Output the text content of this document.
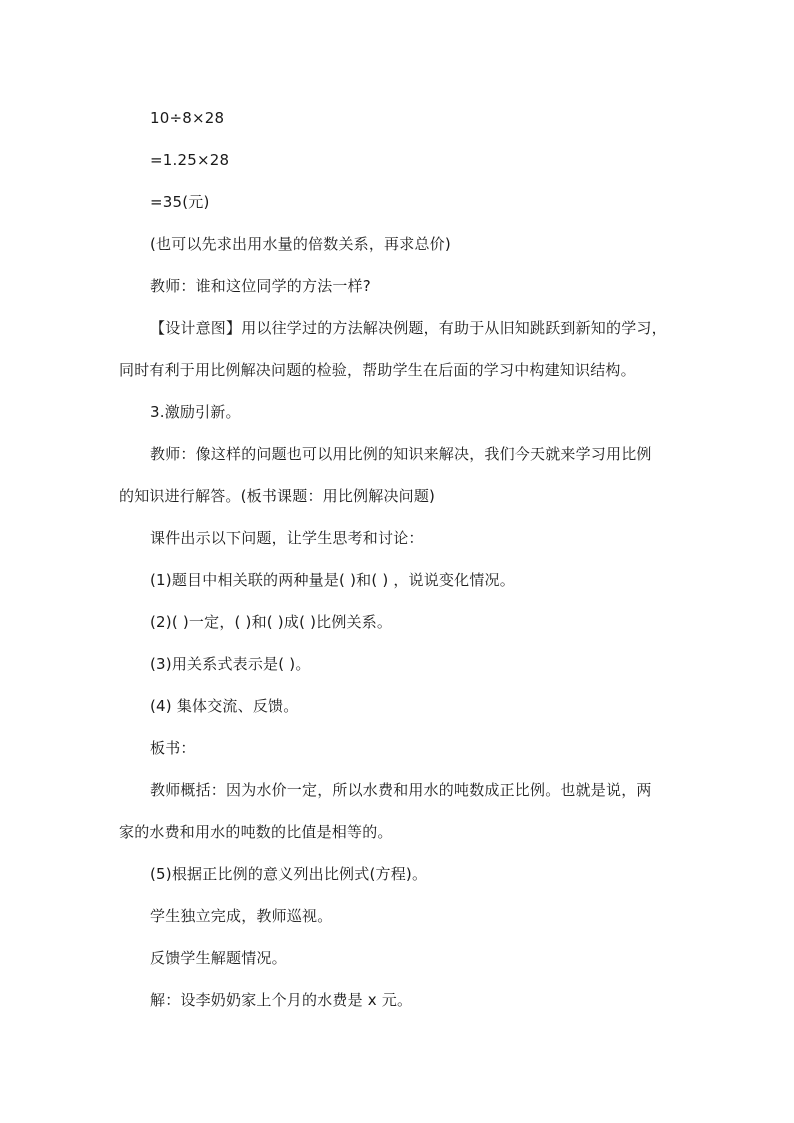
10÷8×28
=1.25×28
=35(元)
(也可以先求出用水量的倍数关系，再求总价)
教师：谁和这位同学的方法一样?
【设计意图】用以往学过的方法解决例题，有助于从旧知跳跃到新知的学习，
同时有利于用比例解决问题的检验，帮助学生在后面的学习中构建知识结构。
3.激励引新。
教师：像这样的问题也可以用比例的知识来解决，我们今天就来学习用比例
的知识进行解答。(板书课题：用比例解决问题)
课件出示以下问题，让学生思考和讨论：
(1)题目中相关联的两种量是( )和( ) ，说说变化情况。
(2)( )一定，( )和( )成( )比例关系。
(3)用关系式表示是( )。
(4) 集体交流、反馈。
板书：
教师概括：因为水价一定，所以水费和用水的吨数成正比例。也就是说，两
家的水费和用水的吨数的比值是相等的。
(5)根据正比例的意义列出比例式(方程)。
学生独立完成，教师巡视。
反馈学生解题情况。
解：设李奶奶家上个月的水费是 x 元。
